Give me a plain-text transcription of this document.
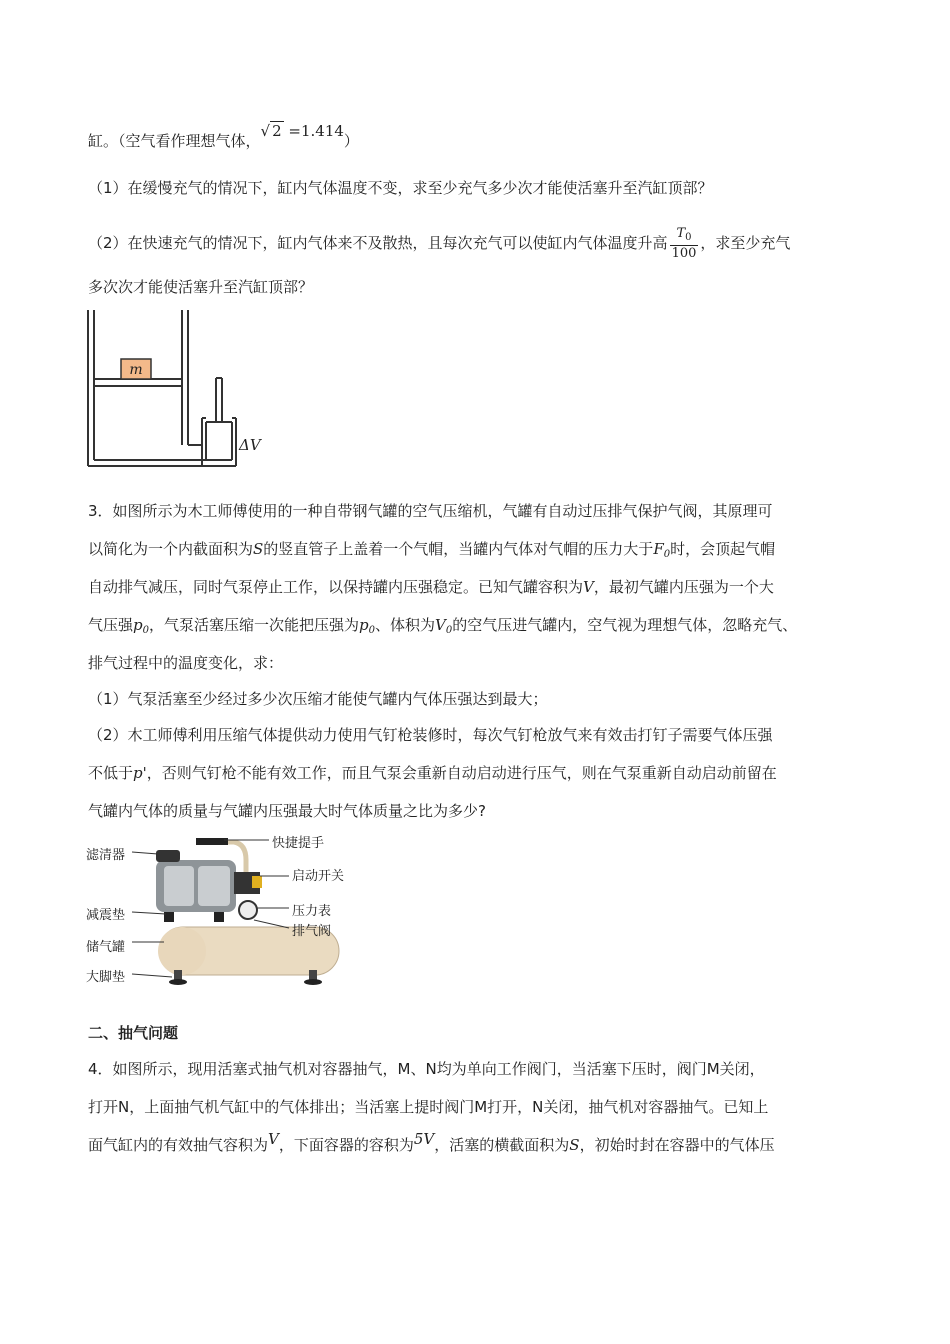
缸。（空气看作理想气体，√ 2 =1.414）
（1）在缓慢充气的情况下，缸内气体温度不变，求至少充气多少次才能使活塞升至汽缸顶部？
（2）在快速充气的情况下，缸内气体来不及散热，且每次充气可以使缸内气体温度升高 $\frac{T_0}{100}$ ，求至少充气
多次次才能使活塞升至汽缸顶部？
m
ΔV
3．如图所示为木工师傅使用的一种自带钢气罐的空气压缩机，气罐有自动过压排气保护气阀，其原理可
以简化为一个内截面积为S的竖直管子上盖着一个气帽，当罐内气体对气帽的压力大于$F_0$时，会顶起气帽
自动排气减压，同时气泵停止工作，以保持罐内压强稳定。已知气罐容积为V，最初气罐内压强为一个大
气压强$p_0$，气泵活塞压缩一次能把压强为$p_0$、体积为$V_0$的空气压进气罐内，空气视为理想气体，忽略充气、
排气过程中的温度变化，求：
（1）气泵活塞至少经过多少次压缩才能使气罐内气体压强达到最大；
（2）木工师傅利用压缩气体提供动力使用气钉枪装修时，每次气钉枪放气来有效击打钉子需要气体压强
不低于p'，否则气钉枪不能有效工作，而且气泵会重新自动启动进行压气，则在气泵重新自动启动前留在
气罐内气体的质量与气罐内压强最大时气体质量之比为多少?
滤清器
减震垫
储气罐
大脚垫
快捷提手
启动开关
压力表
排气阀
二、抽气问题
4．如图所示，现用活塞式抽气机对容器抽气，M、N均为单向工作阀门，当活塞下压时，阀门M关闭，
打开N，上面抽气机气缸中的气体排出；当活塞上提时阀门M打开，N关闭，抽气机对容器抽气。已知上
面气缸内的有效抽气容积为V，下面容器的容积为5V，活塞的横截面积为S，初始时封在容器中的气体压
